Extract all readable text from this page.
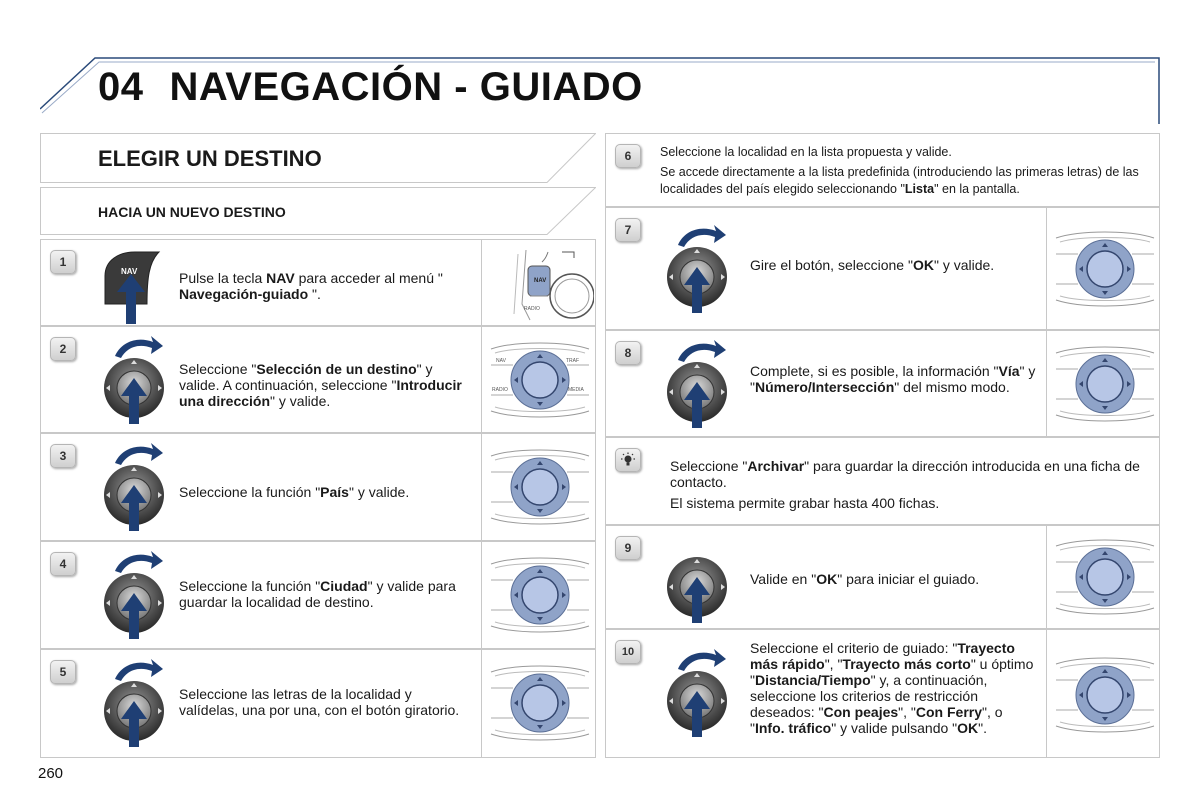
04 NAVEGACIÓN - GUIADO
ELEGIR UN DESTINO
HACIA UN NUEVO DESTINO
1
NAV	Pulse la tecla NAV para acceder al menú " Navegación-guiado ".
NAV
RADIO
2
Seleccione "Selección de un destino" y valide. A continuación, seleccione "Introducir una dirección" y valide.
3
Seleccione la función "País" y valide.
4
Seleccione la función "Ciudad" y valide para guardar la localidad de destino.
5
Seleccione las letras de la localidad y valídelas, una por una, con el botón giratorio.
6	Seleccione la localidad en la lista propuesta y valide.
Se accede directamente a la lista predefinida (introduciendo las primeras letras) de las localidades del país elegido seleccionando "Lista" en la pantalla.
7
Gire el botón, seleccione "OK" y valide.
8
Complete, si es posible, la información "Vía" y "Número/Intersección" del mismo modo.
Seleccione "Archivar" para guardar la dirección introducida en una ficha de contacto.
El sistema permite grabar hasta 400 fichas.
9
Valide en "OK" para iniciar el guiado.
10	Seleccione el criterio de guiado: "Trayecto más rápido", "Trayecto más corto" u óptimo "Distancia/Tiempo" y, a continuación, seleccione los criterios de restricción deseados: "Con peajes", "Con Ferry", o "Info. tráfico" y valide pulsando "OK".
NAV	TRAF
RADIO	MEDIA
260
